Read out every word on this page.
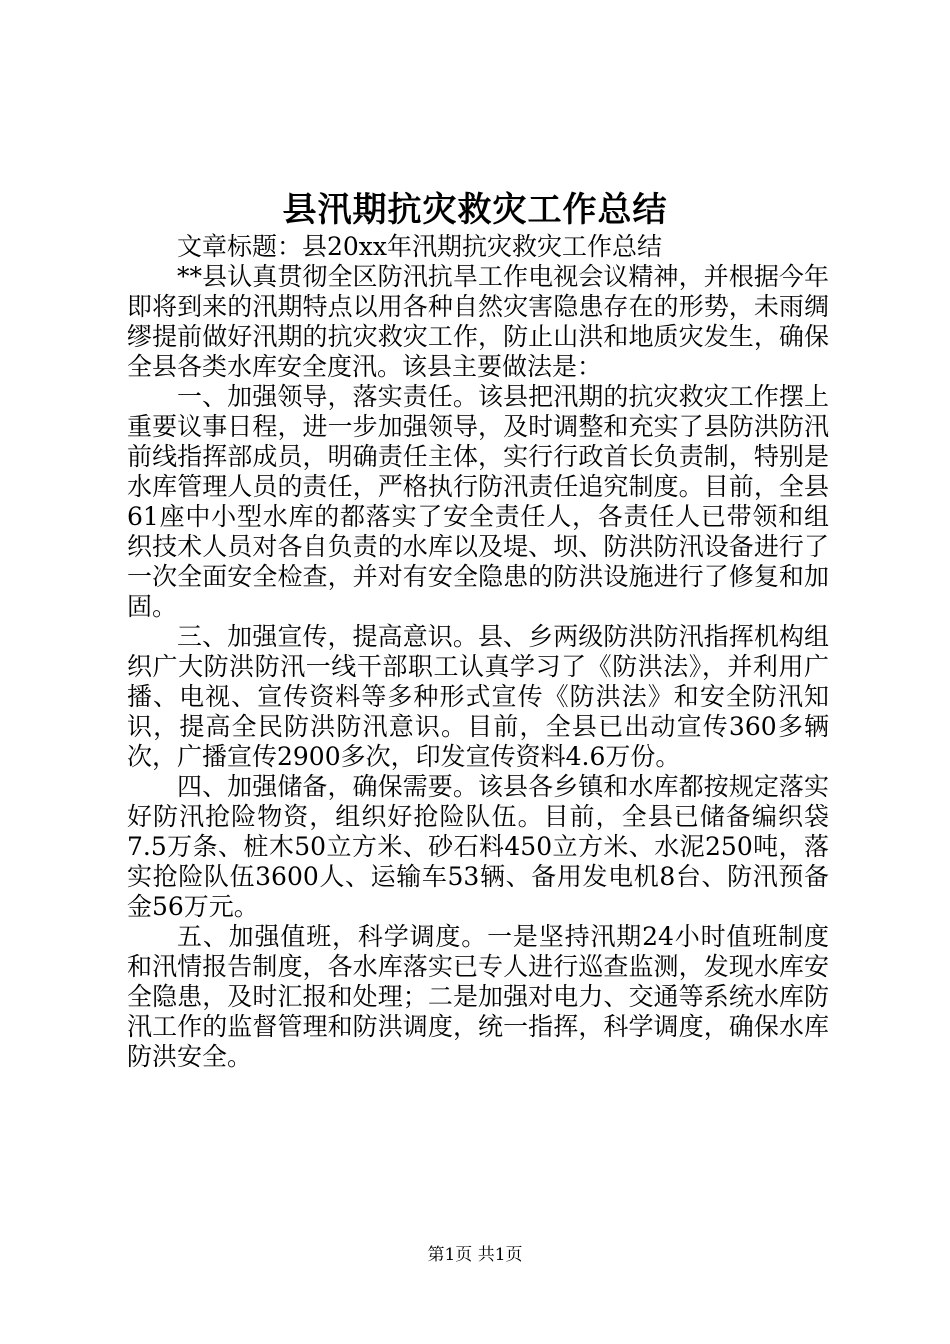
县汛期抗灾救灾工作总结

文章标题：县20xx年汛期抗灾救灾工作总结

**县认真贯彻全区防汛抗旱工作电视会议精神，并根据今年即将到来的汛期特点以用各种自然灾害隐患存在的形势，未雨绸缪提前做好汛期的抗灾救灾工作，防止山洪和地质灾发生，确保全县各类水库安全度汛。该县主要做法是：

一、加强领导，落实责任。该县把汛期的抗灾救灾工作摆上重要议事日程，进一步加强领导，及时调整和充实了县防洪防汛前线指挥部成员，明确责任主体，实行行政首长负责制，特别是水库管理人员的责任，严格执行防汛责任追究制度。目前，全县61座中小型水库的都落实了安全责任人，各责任人已带领和组织技术人员对各自负责的水库以及堤、坝、防洪防汛设备进行了一次全面安全检查，并对有安全隐患的防洪设施进行了修复和加固。

三、加强宣传，提高意识。县、乡两级防洪防汛指挥机构组织广大防洪防汛一线干部职工认真学习了《防洪法》，并利用广播、电视、宣传资料等多种形式宣传《防洪法》和安全防汛知识，提高全民防洪防汛意识。目前，全县已出动宣传360多辆次，广播宣传2900多次，印发宣传资料4.6万份。

四、加强储备，确保需要。该县各乡镇和水库都按规定落实好防汛抢险物资，组织好抢险队伍。目前，全县已储备编织袋7.5万条、桩木50立方米、砂石料450立方米、水泥250吨，落实抢险队伍3600人、运输车53辆、备用发电机8台、防汛预备金56万元。

五、加强值班，科学调度。一是坚持汛期24小时值班制度和汛情报告制度，各水库落实已专人进行巡查监测，发现水库安全隐患，及时汇报和处理；二是加强对电力、交通等系统水库防汛工作的监督管理和防洪调度，统一指挥，科学调度，确保水库防洪安全。

第1页 共1页
